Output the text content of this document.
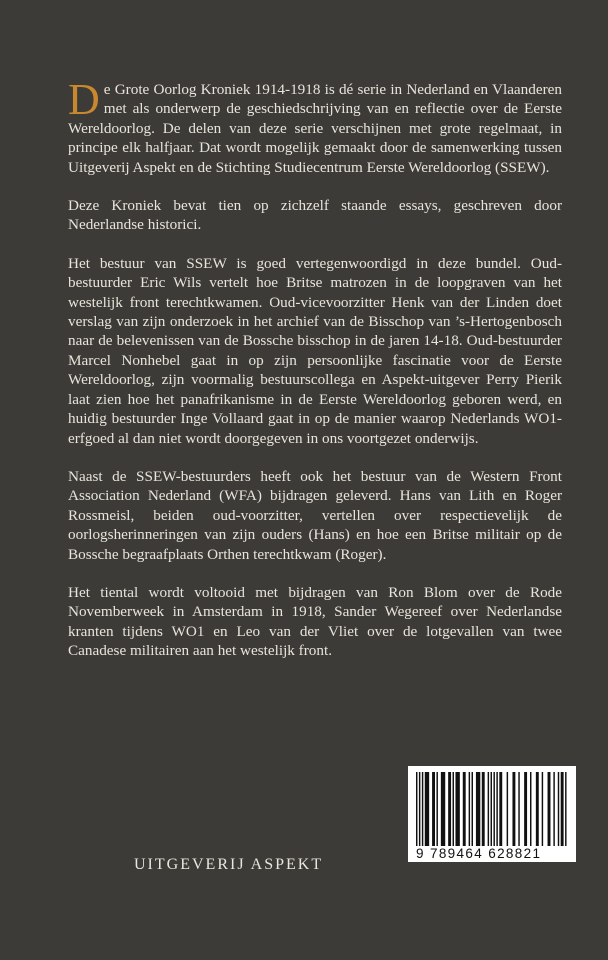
De Grote Oorlog Kroniek 1914-1918 is dé serie in Nederland en Vlaanderen met als onderwerp de geschiedschrijving van en reflectie over de Eerste Wereldoorlog. De delen van deze serie verschijnen met grote regelmaat, in principe elk halfjaar. Dat wordt mogelijk gemaakt door de samenwerking tussen Uitgeverij Aspekt en de Stichting Studiecentrum Eerste Wereldoorlog (SSEW).

Deze Kroniek bevat tien op zichzelf staande essays, geschreven door Nederlandse historici.

Het bestuur van SSEW is goed vertegenwoordigd in deze bundel. Oud-bestuurder Eric Wils vertelt hoe Britse matrozen in de loopgraven van het westelijk front terechtkwamen. Oud-vicevoorzitter Henk van der Linden doet verslag van zijn onderzoek in het archief van de Bisschop van ’s-Hertogenbosch naar de belevenissen van de Bossche bisschop in de jaren 14-18. Oud-bestuurder Marcel Nonhebel gaat in op zijn persoonlijke fascinatie voor de Eerste Wereldoorlog, zijn voormalig bestuurscollega en Aspekt-uitgever Perry Pierik laat zien hoe het panafrikanisme in de Eerste Wereldoorlog geboren werd, en huidig bestuurder Inge Vollaard gaat in op de manier waarop Nederlands WO1-erfgoed al dan niet wordt doorgegeven in ons voortgezet onderwijs.

Naast de SSEW-bestuurders heeft ook het bestuur van de Western Front Association Nederland (WFA) bijdragen geleverd. Hans van Lith en Roger Rossmeisl, beiden oud-voorzitter, vertellen over respectievelijk de oorlogsherinneringen van zijn ouders (Hans) en hoe een Britse militair op de Bossche begraafplaats Orthen terechtkwam (Roger).

Het tiental wordt voltooid met bijdragen van Ron Blom over de Rode Novemberweek in Amsterdam in 1918, Sander Wegereef over Nederlandse kranten tijdens WO1 en Leo van der Vliet over de lotgevallen van twee Canadese militairen aan het westelijk front.

UITGEVERIJ ASPEKT
9 789464 628821
